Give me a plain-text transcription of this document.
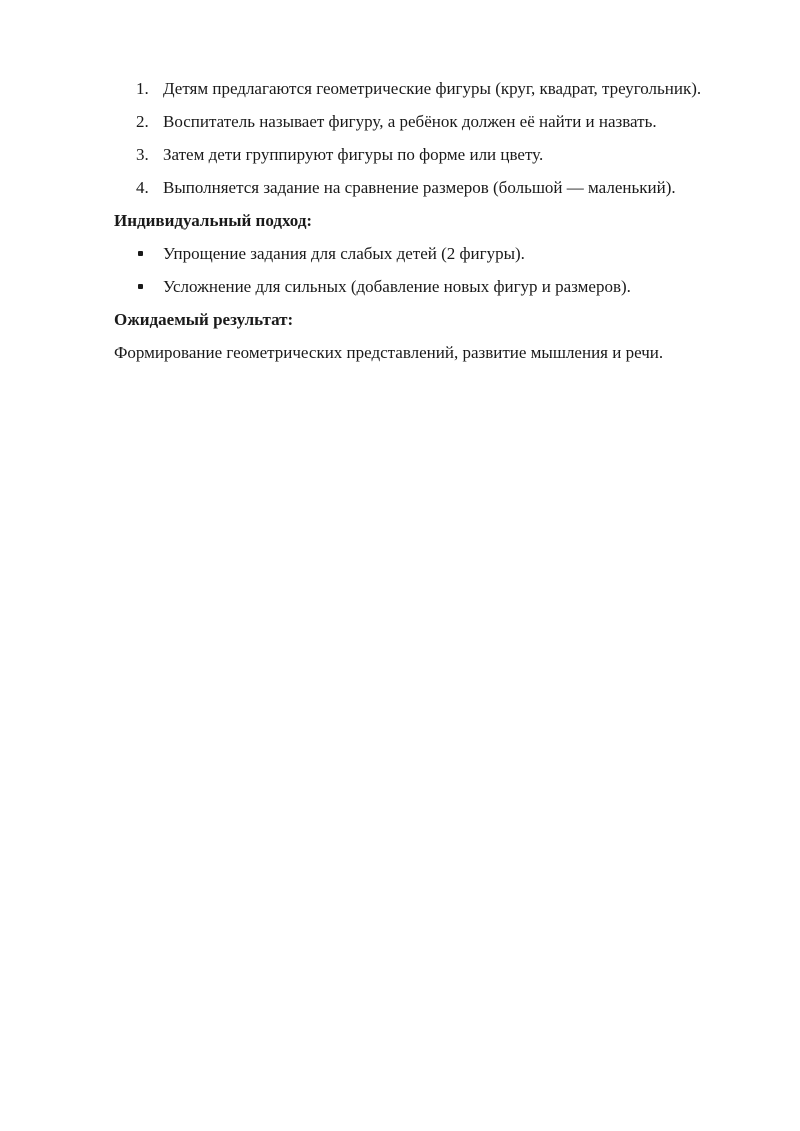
1. Детям предлагаются геометрические фигуры (круг, квадрат, треугольник).
2. Воспитатель называет фигуру, а ребёнок должен её найти и назвать.
3. Затем дети группируют фигуры по форме или цвету.
4. Выполняется задание на сравнение размеров (большой — маленький).

Индивидуальный подход:

Упрощение задания для слабых детей (2 фигуры).
Усложнение для сильных (добавление новых фигур и размеров).

Ожидаемый результат:

Формирование геометрических представлений, развитие мышления и речи.
